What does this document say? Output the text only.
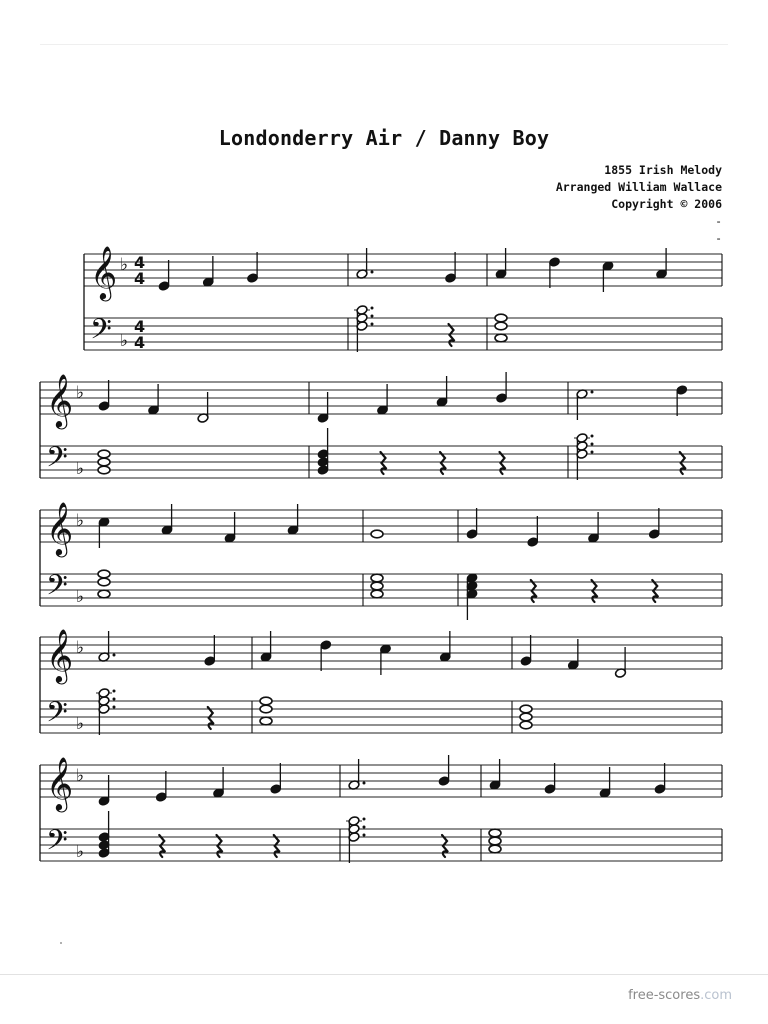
Londonderry Air / Danny Boy
1855 Irish Melody
Arranged William Wallace
Copyright © 2006
-
-
𝄞
𝄢
♭
♭
4
4
4
4
𝄞
𝄢
♭
♭
𝄞
𝄢
♭
♭
𝄞
𝄢
♭
♭
𝄞
𝄢
♭
♭
free-scores.com
